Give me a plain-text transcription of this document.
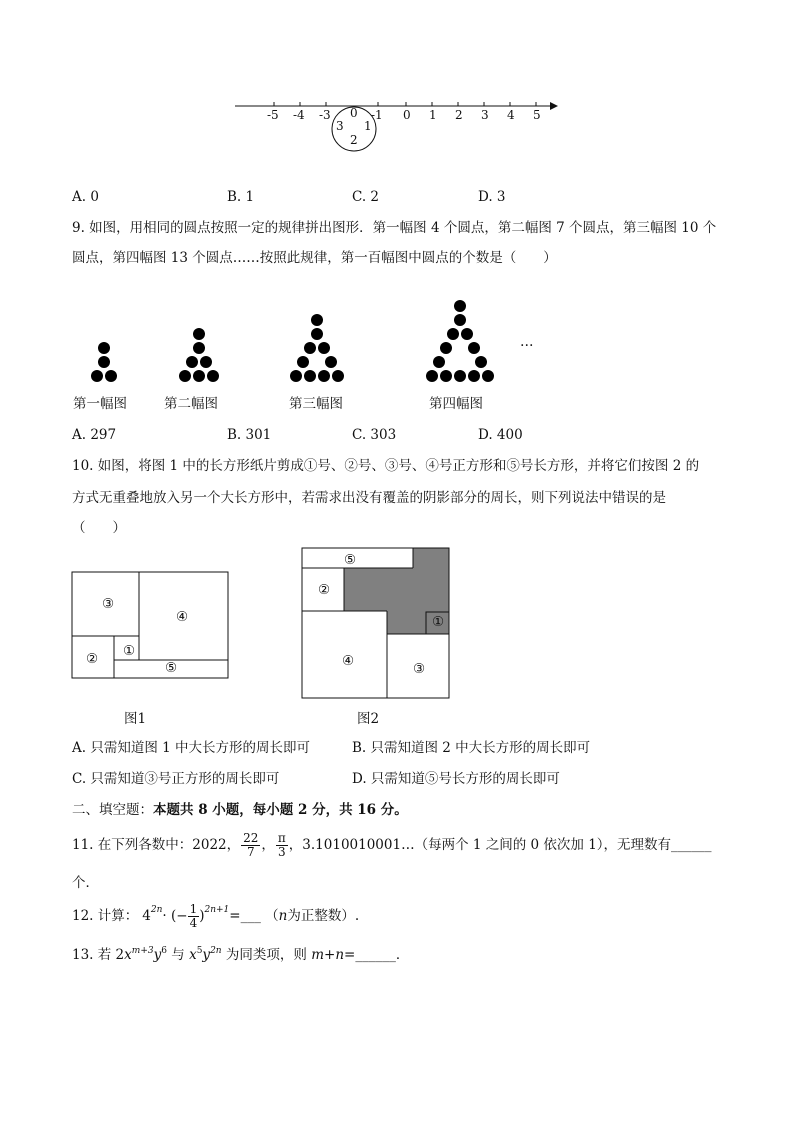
-5 -4 -3	-1 0 1 2 3 4 5
0
3 1
2
A. 0	B. 1	C. 2	D. 3
9. 如图，用相同的圆点按照一定的规律拼出图形．第一幅图 4 个圆点，第二幅图 7 个圆点，第三幅图 10 个
圆点，第四幅图 13 个圆点……按照此规律，第一百幅图中圆点的个数是（　　）
…
第一幅图	第二幅图	第三幅图	第四幅图
A. 297	B. 301	C. 303	D. 400
10. 如图，将图 1 中的长方形纸片剪成①号、②号、③号、④号正方形和⑤号长方形，并将它们按图 2 的
方式无重叠地放入另一个大长方形中，若需求出没有覆盖的阴影部分的周长，则下列说法中错误的是
（　　）
③
④
② ①
⑤
图1
⑤
②
①
④	③
图2
A. 只需知道图 1 中大长方形的周长即可	B. 只需知道图 2 中大长方形的周长即可
C. 只需知道③号正方形的周长即可	D. 只需知道⑤号长方形的周长即可
二、填空题：本题共 8 小题，每小题 2 分，共 16 分。
11. 在下列各数中：2022， $\frac{22}{7}$ ， $\frac{\pi}{3}$ ，3.1010010001…（每两个 1 之间的 0 依次加 1），无理数有______
个．
12. 计算： 4 2n · (− $\frac{1}{4}$ ) 2n+1 =___ （ n 为正整数）.
13. 若 $2x^{m+3}y^6$ 与 $x^5y^{2n}$ 为同类项，则 m+n=______．
